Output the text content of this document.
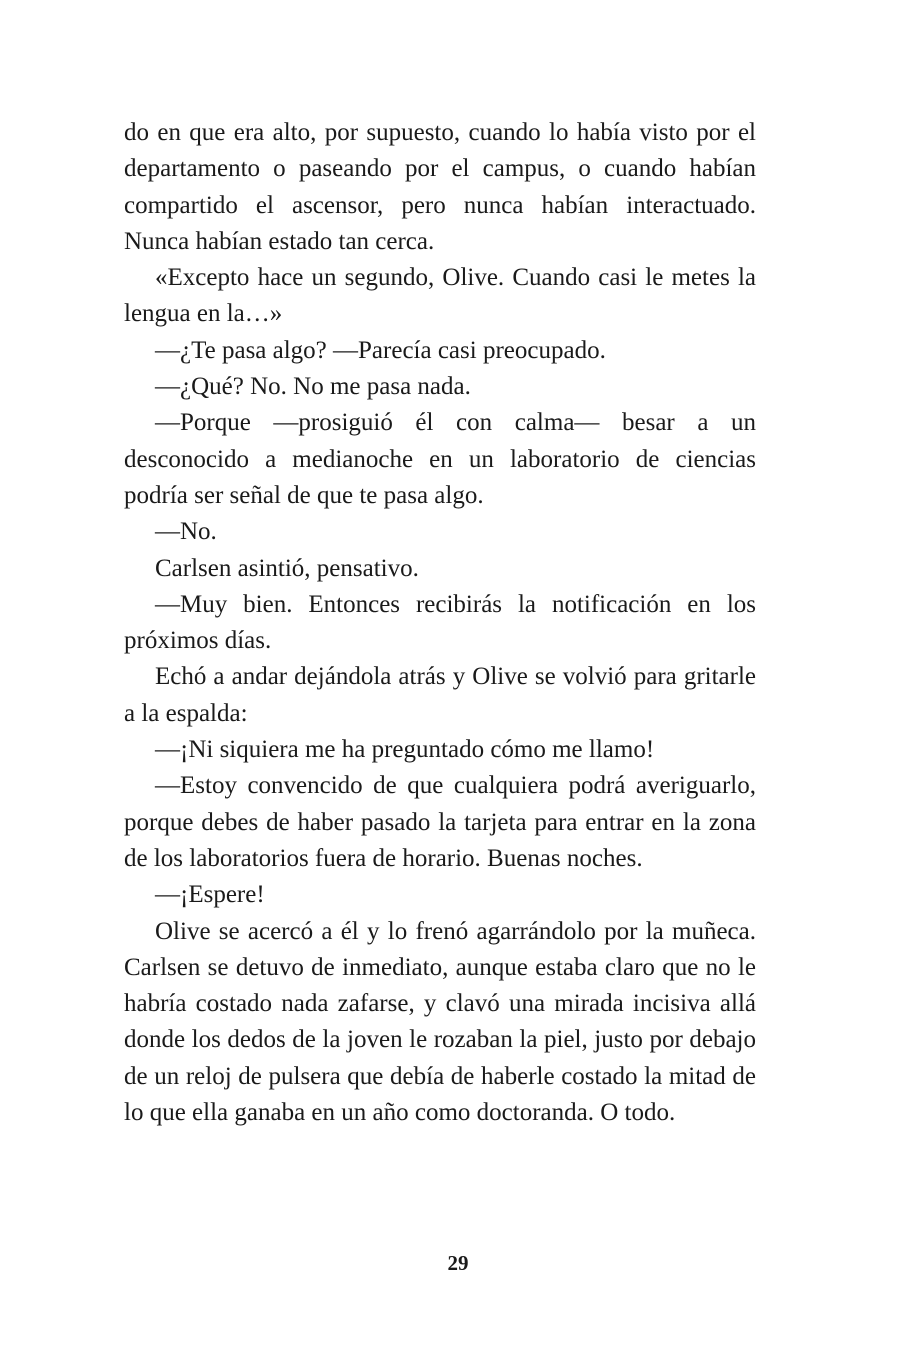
do en que era alto, por supuesto, cuando lo había visto por el departamento o paseando por el campus, o cuando habían compartido el ascensor, pero nunca habían interactuado. Nunca habían estado tan cerca.

«Excepto hace un segundo, Olive. Cuando casi le metes la lengua en la…»

—¿Te pasa algo? —Parecía casi preocupado.

—¿Qué? No. No me pasa nada.

—Porque —prosiguió él con calma— besar a un desconocido a medianoche en un laboratorio de ciencias podría ser señal de que te pasa algo.

—No.

Carlsen asintió, pensativo.

—Muy bien. Entonces recibirás la notificación en los próximos días.

Echó a andar dejándola atrás y Olive se volvió para gritarle a la espalda:

—¡Ni siquiera me ha preguntado cómo me llamo!

—Estoy convencido de que cualquiera podrá averiguarlo, porque debes de haber pasado la tarjeta para entrar en la zona de los laboratorios fuera de horario. Buenas noches.

—¡Espere!

Olive se acercó a él y lo frenó agarrándolo por la muñeca. Carlsen se detuvo de inmediato, aunque estaba claro que no le habría costado nada zafarse, y clavó una mirada incisiva allá donde los dedos de la joven le rozaban la piel, justo por debajo de un reloj de pulsera que debía de haberle costado la mitad de lo que ella ganaba en un año como doctoranda. O todo.

29
